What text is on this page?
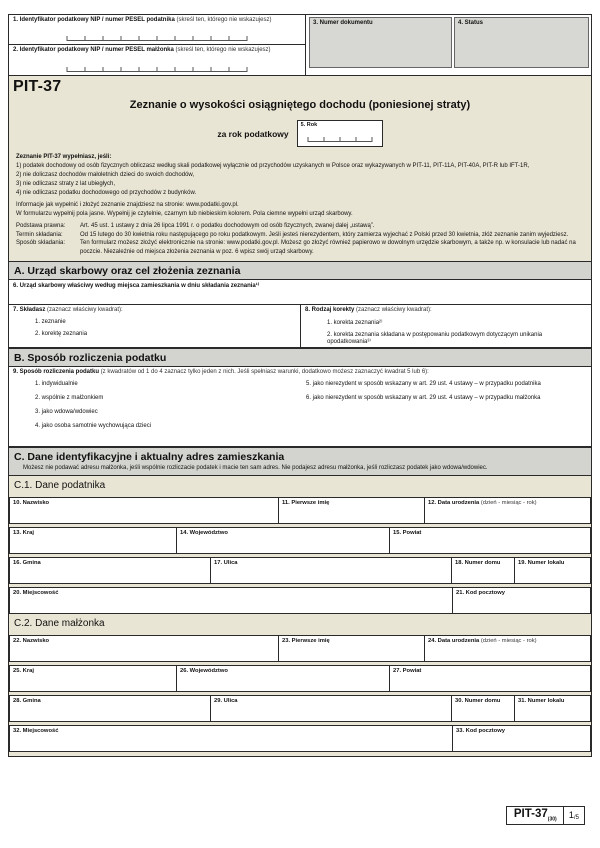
1. Identyfikator podatkowy NIP / numer PESEL podatnika (skreśl ten, którego nie wskazujesz)
2. Identyfikator podatkowy NIP / numer PESEL małżonka (skreśl ten, którego nie wskazujesz)
3. Numer dokumentu	4. Status
PIT-37
Zeznanie o wysokości osiągniętego dochodu (poniesionej straty)
za rok podatkowy
5. Rok
Zeznanie PIT-37 wypełniasz, jeśli:
1) podatek dochodowy od osób fizycznych obliczasz według skali podatkowej wyłącznie od przychodów uzyskanych w Polsce oraz wykazywanych w PIT-11, PIT-11A, PIT-40A, PIT-R lub IFT-1R,
2) nie doliczasz dochodów małoletnich dzieci do swoich dochodów,
3) nie odliczasz straty z lat ubiegłych,
4) nie odliczasz podatku dochodowego od przychodów z budynków.
Informacje jak wypełnić i złożyć zeznanie znajdziesz na stronie: www.podatki.gov.pl.
W formularzu wypełnij pola jasne. Wypełnij je czytelnie, czarnym lub niebieskim kolorem. Pola ciemne wypełni urząd skarbowy.
Podstawa prawna:	Art. 45 ust. 1 ustawy z dnia 26 lipca 1991 r. o podatku dochodowym od osób fizycznych, zwanej dalej „ustawą”.
Termin składania:	Od 15 lutego do 30 kwietnia roku następującego po roku podatkowym. Jeśli jesteś nierezydentem, który zamierza wyjechać z Polski przed 30 kwietnia, złóż zeznanie zanim wyjedziesz.
Sposób składania:	Ten formularz możesz złożyć elektronicznie na stronie: www.podatki.gov.pl. Możesz go złożyć również papierowo w dowolnym urzędzie skarbowym, a także np. w konsulacie lub nadać na poczcie. Niezależnie od miejsca złożenia zeznania w poz. 6 wpisz swój urząd skarbowy.
A. Urząd skarbowy oraz cel złożenia zeznania
6. Urząd skarbowy właściwy według miejsca zamieszkania w dniu składania zeznania¹⁾
7. Składasz (zaznacz właściwy kwadrat):
1. zeznanie
2. korektę zeznania
8. Rodzaj korekty (zaznacz właściwy kwadrat):
1. korekta zeznania²⁾
2. korekta zeznania składana w postępowaniu podatkowym dotyczącym unikania opodatkowania³⁾
B. Sposób rozliczenia podatku
9. Sposób rozliczenia podatku (z kwadratów od 1 do 4 zaznacz tylko jeden z nich. Jeśli spełniasz warunki, dodatkowo możesz zaznaczyć kwadrat 5 lub 6):
1. indywidualnie	5. jako nierezydent w sposób wskazany w art. 29 ust. 4 ustawy – w przypadku podatnika
2. wspólnie z małżonkiem	6. jako nierezydent w sposób wskazany w art. 29 ust. 4 ustawy – w przypadku małżonka
3. jako wdowa/wdowiec
4. jako osoba samotnie wychowująca dzieci
C. Dane identyfikacyjne i aktualny adres zamieszkania
Możesz nie podawać adresu małżonka, jeśli wspólnie rozliczacie podatek i macie ten sam adres. Nie podajesz adresu małżonka, jeśli rozliczasz podatek jako wdowa/wdowiec.
C.1. Dane podatnika
10. Nazwisko	11. Pierwsze imię	12. Data urodzenia (dzień - miesiąc - rok)
13. Kraj	14. Województwo	15. Powiat
16. Gmina	17. Ulica	18. Numer domu	19. Numer lokalu
20. Miejscowość	21. Kod pocztowy
C.2. Dane małżonka
22. Nazwisko	23. Pierwsze imię	24. Data urodzenia (dzień - miesiąc - rok)
25. Kraj	26. Województwo	27. Powiat
28. Gmina	29. Ulica	30. Numer domu	31. Numer lokalu
32. Miejscowość	33. Kod pocztowy
PIT-$37_{(30)}$	1 /5
